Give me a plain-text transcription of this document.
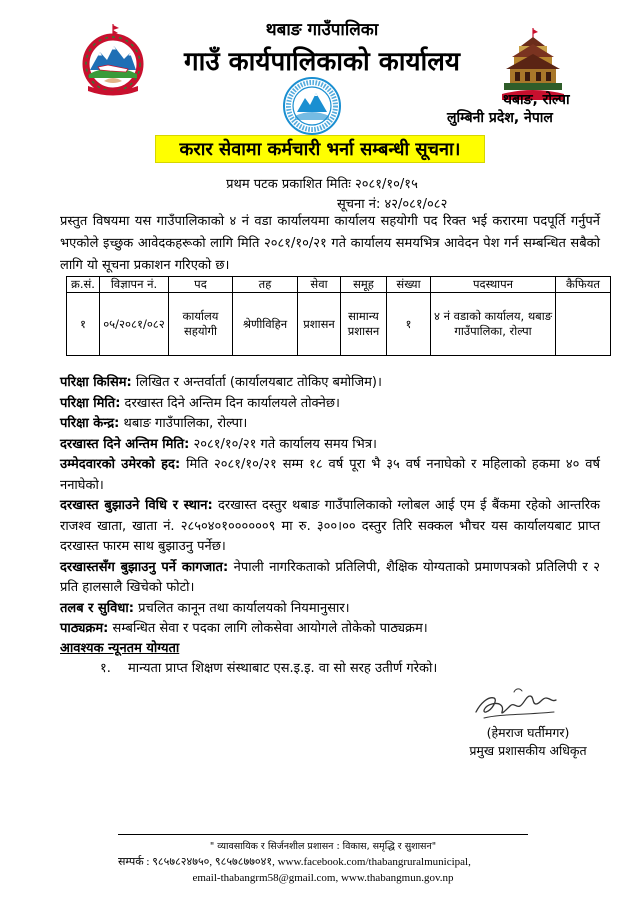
थबाङ गाउँपालिका
गाउँ कार्यपालिकाको कार्यालय
थबाङ, रोल्पा
लुम्बिनी प्रदेश, नेपाल
करार सेवामा कर्मचारी भर्ना सम्बन्धी सूचना।
प्रथम पटक प्रकाशित मितिः २०८१/१०/१५
सूचना नं: ४२/०८१/०८२

प्रस्तुत विषयमा यस गाउँपालिकाको ४ नं वडा कार्यालयमा कार्यालय सहयोगी पद रिक्त भई करारमा पदपूर्ति गर्नुपर्ने भएकोले इच्छुक आवेदकहरूको लागि मिति २०८१/१०/२१ गते कार्यालय समयभित्र आवेदन पेश गर्न सम्बन्धित सबैको लागि यो सूचना प्रकाशन गरिएको छ।

क्र.सं.	विज्ञापन नं.	पद	तह	सेवा	समूह	संख्या	पदस्थापन	कैफियत
१	०५/२०८१/०८२	कार्यालय सहयोगी	श्रेणीविहिन	प्रशासन	सामान्य प्रशासन	१	४ नं वडाको कार्यालय, थबाङ गाउँपालिका, रोल्पा	

परिक्षा किसिम: लिखित र अन्तर्वार्ता (कार्यालयबाट तोकिए बमोजिम)।

परिक्षा मिति: दरखास्त दिने अन्तिम दिन कार्यालयले तोक्नेछ।

परिक्षा केन्द्र: थबाङ गाउँपालिका, रोल्पा।

दरखास्त दिने अन्तिम मिति: २०८१/१०/२१ गते कार्यालय समय भित्र।

उम्मेदवारको उमेरको हद: मिति २०८१/१०/२१ सम्म १८ वर्ष पूरा भै ३५ वर्ष ननाघेको र महिलाको हकमा ४० वर्ष ननाघेको।

दरखास्त बुझाउने विधि र स्थान: दरखास्त दस्तुर थबाङ गाउँपालिकाको ग्लोबल आई एम ई बैंकमा रहेको आन्तरिक राजश्व खाता, खाता नं. २८५०४०१००००००९ मा रु. ३००।०० दस्तुर तिरि सक्कल भौचर यस कार्यालयबाट प्राप्त दरखास्त फारम साथ बुझाउनु पर्नेछ।

दरखास्तसँग बुझाउनु पर्ने कागजात: नेपाली नागरिकताको प्रतिलिपी, शैक्षिक योग्यताको प्रमाणपत्रको प्रतिलिपी र २ प्रति हालसालै खिचेको फोटो।

तलब र सुविधा: प्रचलित कानून तथा कार्यालयको नियमानुसार।

पाठ्यक्रम: सम्बन्धित सेवा र पदका लागि लोकसेवा आयोगले तोकेको पाठ्यक्रम।

आवश्यक न्यूनतम योग्यता
१. मान्यता प्राप्त शिक्षण संस्थाबाट एस.इ.इ. वा सो सरह उतीर्ण गरेको।
(हेमराज घर्तीमगर)
प्रमुख प्रशासकीय अधिकृत
" व्यावसायिक र सिर्जनशील प्रशासन : विकास, समृद्धि र सुशासन"
सम्पर्क : ९८५७८२४७५०, ९८५७८७७०४१, www.facebook.com/thabangruralmunicipal,
email-thabangrm58@gmail.com, www.thabangmun.gov.np
